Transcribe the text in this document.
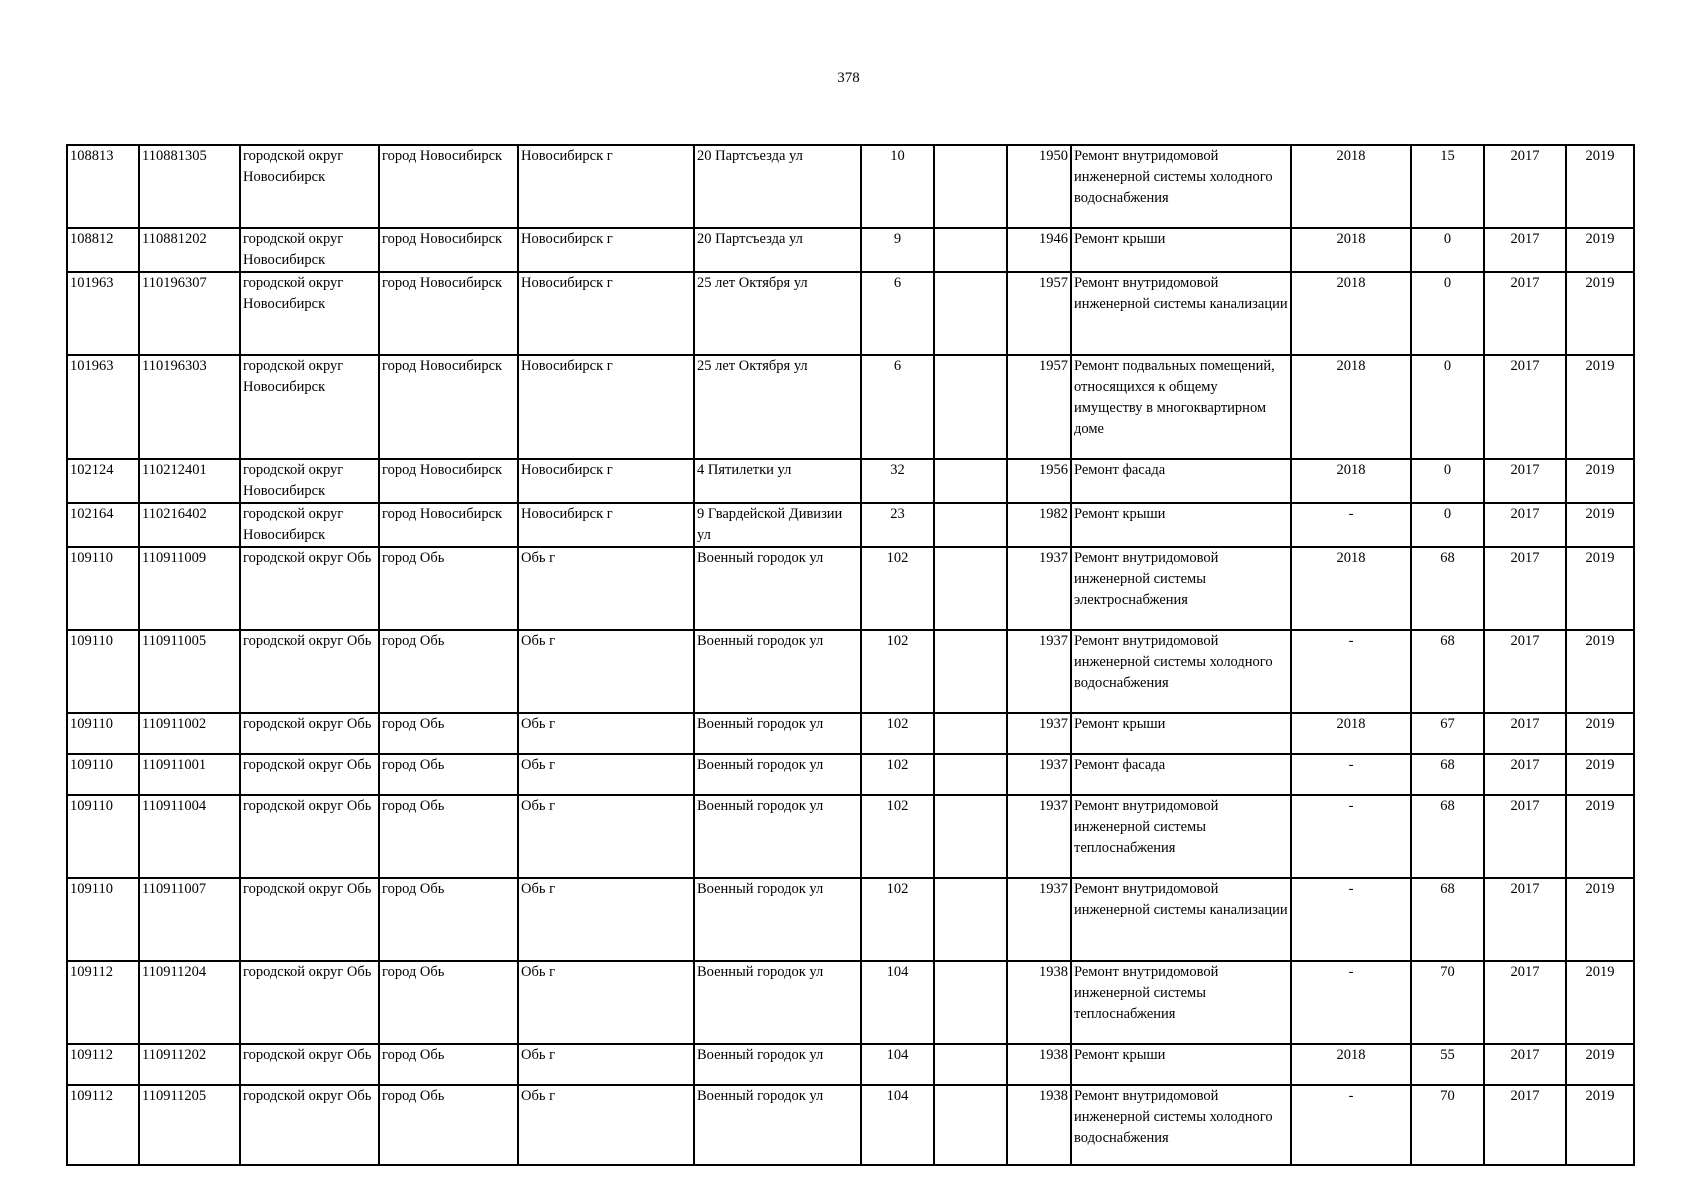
378
108813	110881305	городской округ Новосибирск	город Новосибирск	Новосибирск г	20 Партсъезда ул	10		1950	Ремонт внутридомовой инженерной системы холодного водоснабжения	2018	15	2017	2019
108812	110881202	городской округ Новосибирск	город Новосибирск	Новосибирск г	20 Партсъезда ул	9		1946	Ремонт крыши	2018	0	2017	2019
101963	110196307	городской округ Новосибирск	город Новосибирск	Новосибирск г	25 лет Октября ул	6		1957	Ремонт внутридомовой инженерной системы канализации	2018	0	2017	2019
101963	110196303	городской округ Новосибирск	город Новосибирск	Новосибирск г	25 лет Октября ул	6		1957	Ремонт подвальных помещений, относящихся к общему имуществу в многоквартирном доме	2018	0	2017	2019
102124	110212401	городской округ Новосибирск	город Новосибирск	Новосибирск г	4 Пятилетки ул	32		1956	Ремонт фасада	2018	0	2017	2019
102164	110216402	городской округ Новосибирск	город Новосибирск	Новосибирск г	9 Гвардейской Дивизии ул	23		1982	Ремонт крыши	-	0	2017	2019
109110	110911009	городской округ Обь	город Обь	Обь г	Военный городок ул	102		1937	Ремонт внутридомовой инженерной системы электроснабжения	2018	68	2017	2019
109110	110911005	городской округ Обь	город Обь	Обь г	Военный городок ул	102		1937	Ремонт внутридомовой инженерной системы холодного водоснабжения	-	68	2017	2019
109110	110911002	городской округ Обь	город Обь	Обь г	Военный городок ул	102		1937	Ремонт крыши	2018	67	2017	2019
109110	110911001	городской округ Обь	город Обь	Обь г	Военный городок ул	102		1937	Ремонт фасада	-	68	2017	2019
109110	110911004	городской округ Обь	город Обь	Обь г	Военный городок ул	102		1937	Ремонт внутридомовой инженерной системы теплоснабжения	-	68	2017	2019
109110	110911007	городской округ Обь	город Обь	Обь г	Военный городок ул	102		1937	Ремонт внутридомовой инженерной системы канализации	-	68	2017	2019
109112	110911204	городской округ Обь	город Обь	Обь г	Военный городок ул	104		1938	Ремонт внутридомовой инженерной системы теплоснабжения	-	70	2017	2019
109112	110911202	городской округ Обь	город Обь	Обь г	Военный городок ул	104		1938	Ремонт крыши	2018	55	2017	2019
109112	110911205	городской округ Обь	город Обь	Обь г	Военный городок ул	104		1938	Ремонт внутридомовой инженерной системы холодного водоснабжения	-	70	2017	2019
